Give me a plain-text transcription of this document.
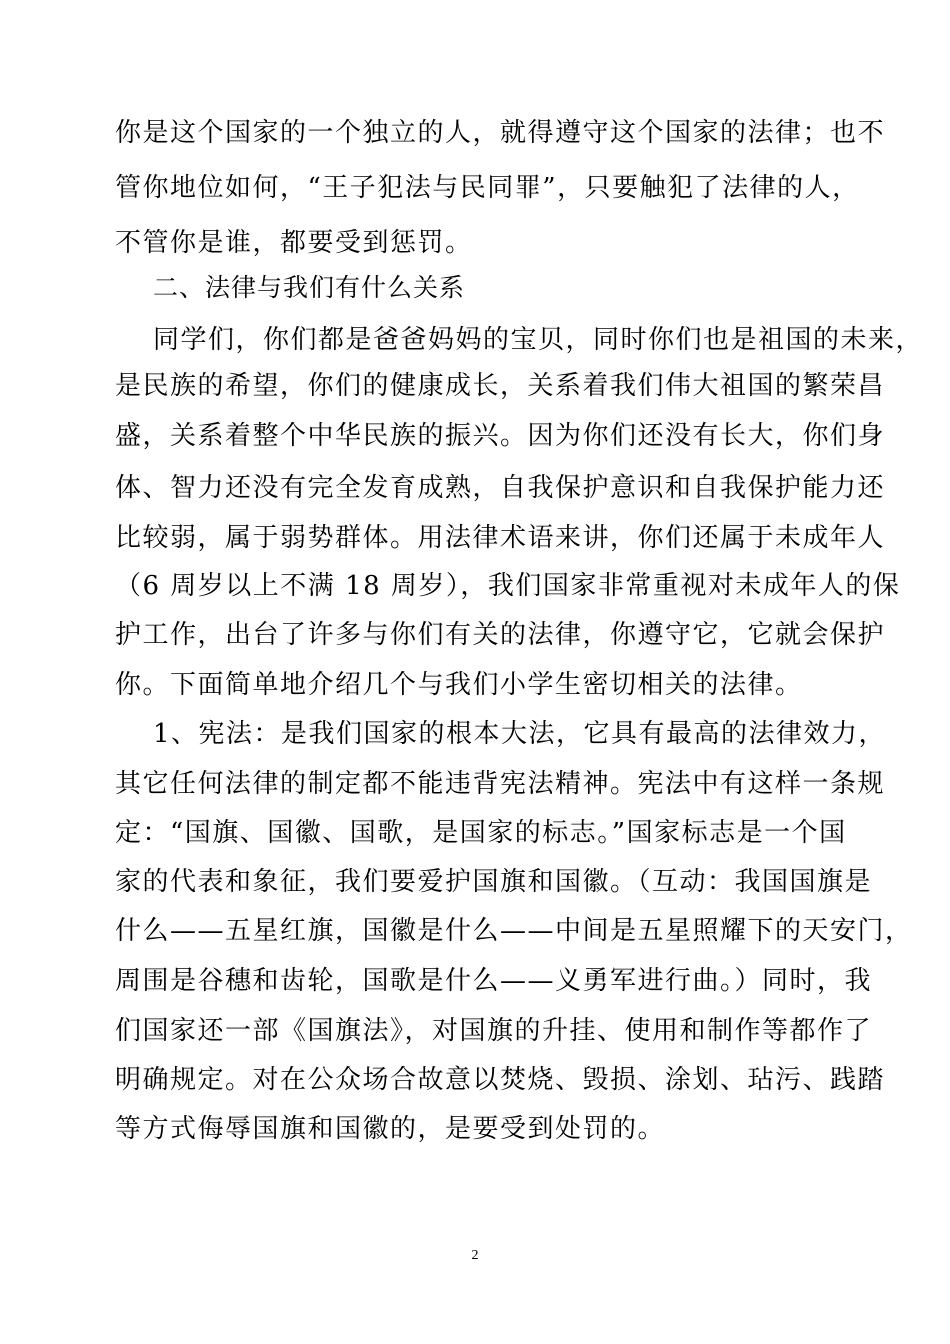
你是这个国家的一个独立的人，就得遵守这个国家的法律；也不
管你地位如何，“王子犯法与民同罪”，只要触犯了法律的人，
不管你是谁，都要受到惩罚。
二、法律与我们有什么关系
同学们，你们都是爸爸妈妈的宝贝，同时你们也是祖国的未来，
是民族的希望，你们的健康成长，关系着我们伟大祖国的繁荣昌
盛，关系着整个中华民族的振兴。因为你们还没有长大，你们身
体、智力还没有完全发育成熟，自我保护意识和自我保护能力还
比较弱，属于弱势群体。用法律术语来讲，你们还属于未成年人
（6 周岁以上不满 18 周岁），我们国家非常重视对未成年人的保
护工作，出台了许多与你们有关的法律，你遵守它，它就会保护
你。下面简单地介绍几个与我们小学生密切相关的法律。
1、宪法：是我们国家的根本大法，它具有最高的法律效力，
其它任何法律的制定都不能违背宪法精神。宪法中有这样一条规
定：“国旗、国徽、国歌，是国家的标志。”国家标志是一个国
家的代表和象征，我们要爱护国旗和国徽。（互动：我国国旗是
什么——五星红旗，国徽是什么——中间是五星照耀下的天安门，
周围是谷穗和齿轮，国歌是什么——义勇军进行曲。）同时，我
们国家还一部《国旗法》，对国旗的升挂、使用和制作等都作了
明确规定。对在公众场合故意以焚烧、毁损、涂划、玷污、践踏
等方式侮辱国旗和国徽的，是要受到处罚的。
2
